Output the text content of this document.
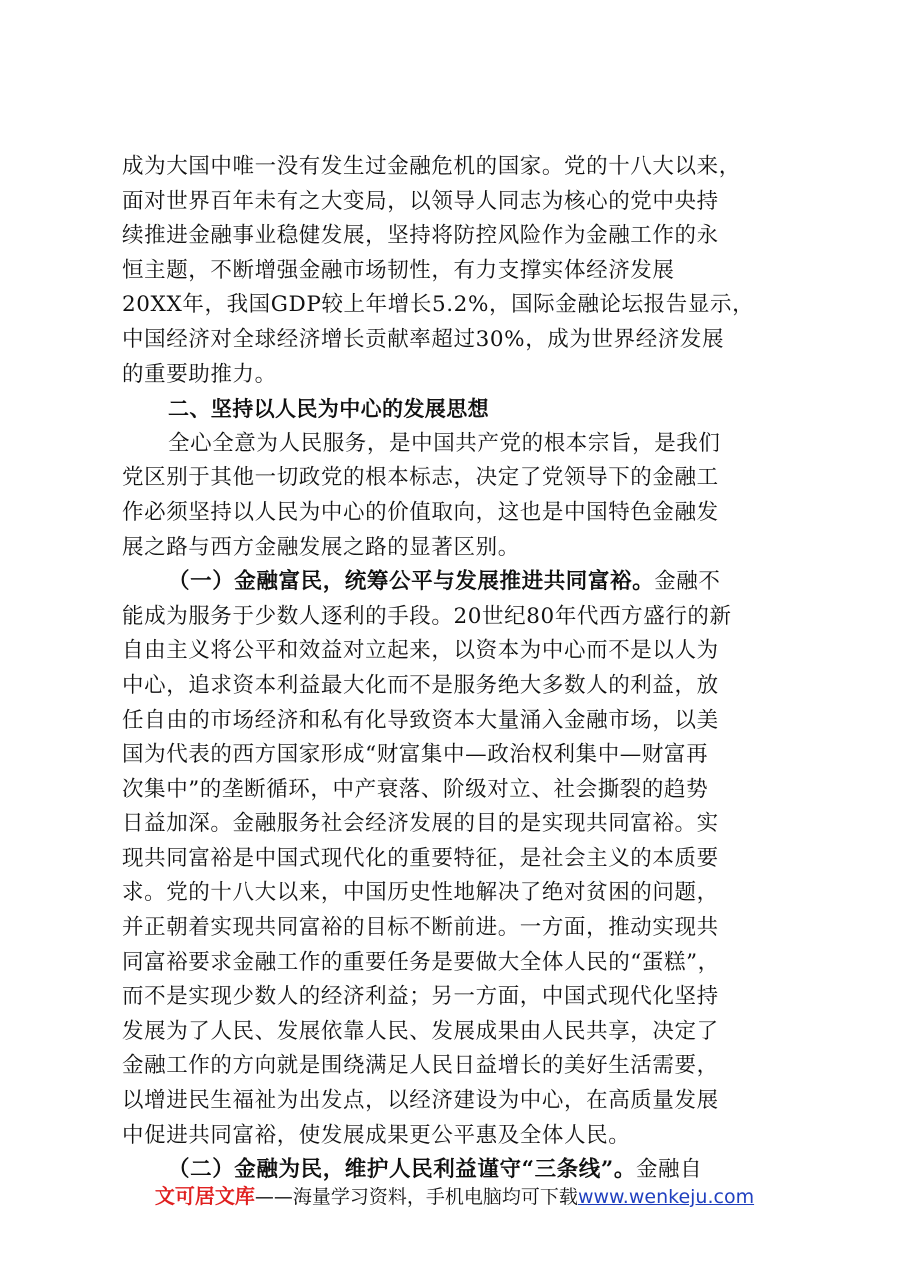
成为大国中唯一没有发生过金融危机的国家。党的十八大以来，
面对世界百年未有之大变局，以领导人同志为核心的党中央持
续推进金融事业稳健发展，坚持将防控风险作为金融工作的永
恒主题，不断增强金融市场韧性，有力支撑实体经济发展
20XX年，我国GDP较上年增长5.2%，国际金融论坛报告显示，
中国经济对全球经济增长贡献率超过30%，成为世界经济发展
的重要助推力。
二、坚持以人民为中心的发展思想
全心全意为人民服务，是中国共产党的根本宗旨，是我们
党区别于其他一切政党的根本标志，决定了党领导下的金融工
作必须坚持以人民为中心的价值取向，这也是中国特色金融发
展之路与西方金融发展之路的显著区别。
（一）金融富民，统筹公平与发展推进共同富裕。金融不
能成为服务于少数人逐利的手段。20世纪80年代西方盛行的新
自由主义将公平和效益对立起来，以资本为中心而不是以人为
中心，追求资本利益最大化而不是服务绝大多数人的利益，放
任自由的市场经济和私有化导致资本大量涌入金融市场，以美
国为代表的西方国家形成“财富集中—政治权利集中—财富再
次集中”的垄断循环，中产衰落、阶级对立、社会撕裂的趋势
日益加深。金融服务社会经济发展的目的是实现共同富裕。实
现共同富裕是中国式现代化的重要特征，是社会主义的本质要
求。党的十八大以来，中国历史性地解决了绝对贫困的问题，
并正朝着实现共同富裕的目标不断前进。一方面，推动实现共
同富裕要求金融工作的重要任务是要做大全体人民的“蛋糕”，
而不是实现少数人的经济利益；另一方面，中国式现代化坚持
发展为了人民、发展依靠人民、发展成果由人民共享，决定了
金融工作的方向就是围绕满足人民日益增长的美好生活需要，
以增进民生福祉为出发点，以经济建设为中心，在高质量发展
中促进共同富裕，使发展成果更公平惠及全体人民。
（二）金融为民，维护人民利益谨守“三条线”。金融自
文可居文库——海量学习资料，手机电脑均可下载www.wenkeju.com
